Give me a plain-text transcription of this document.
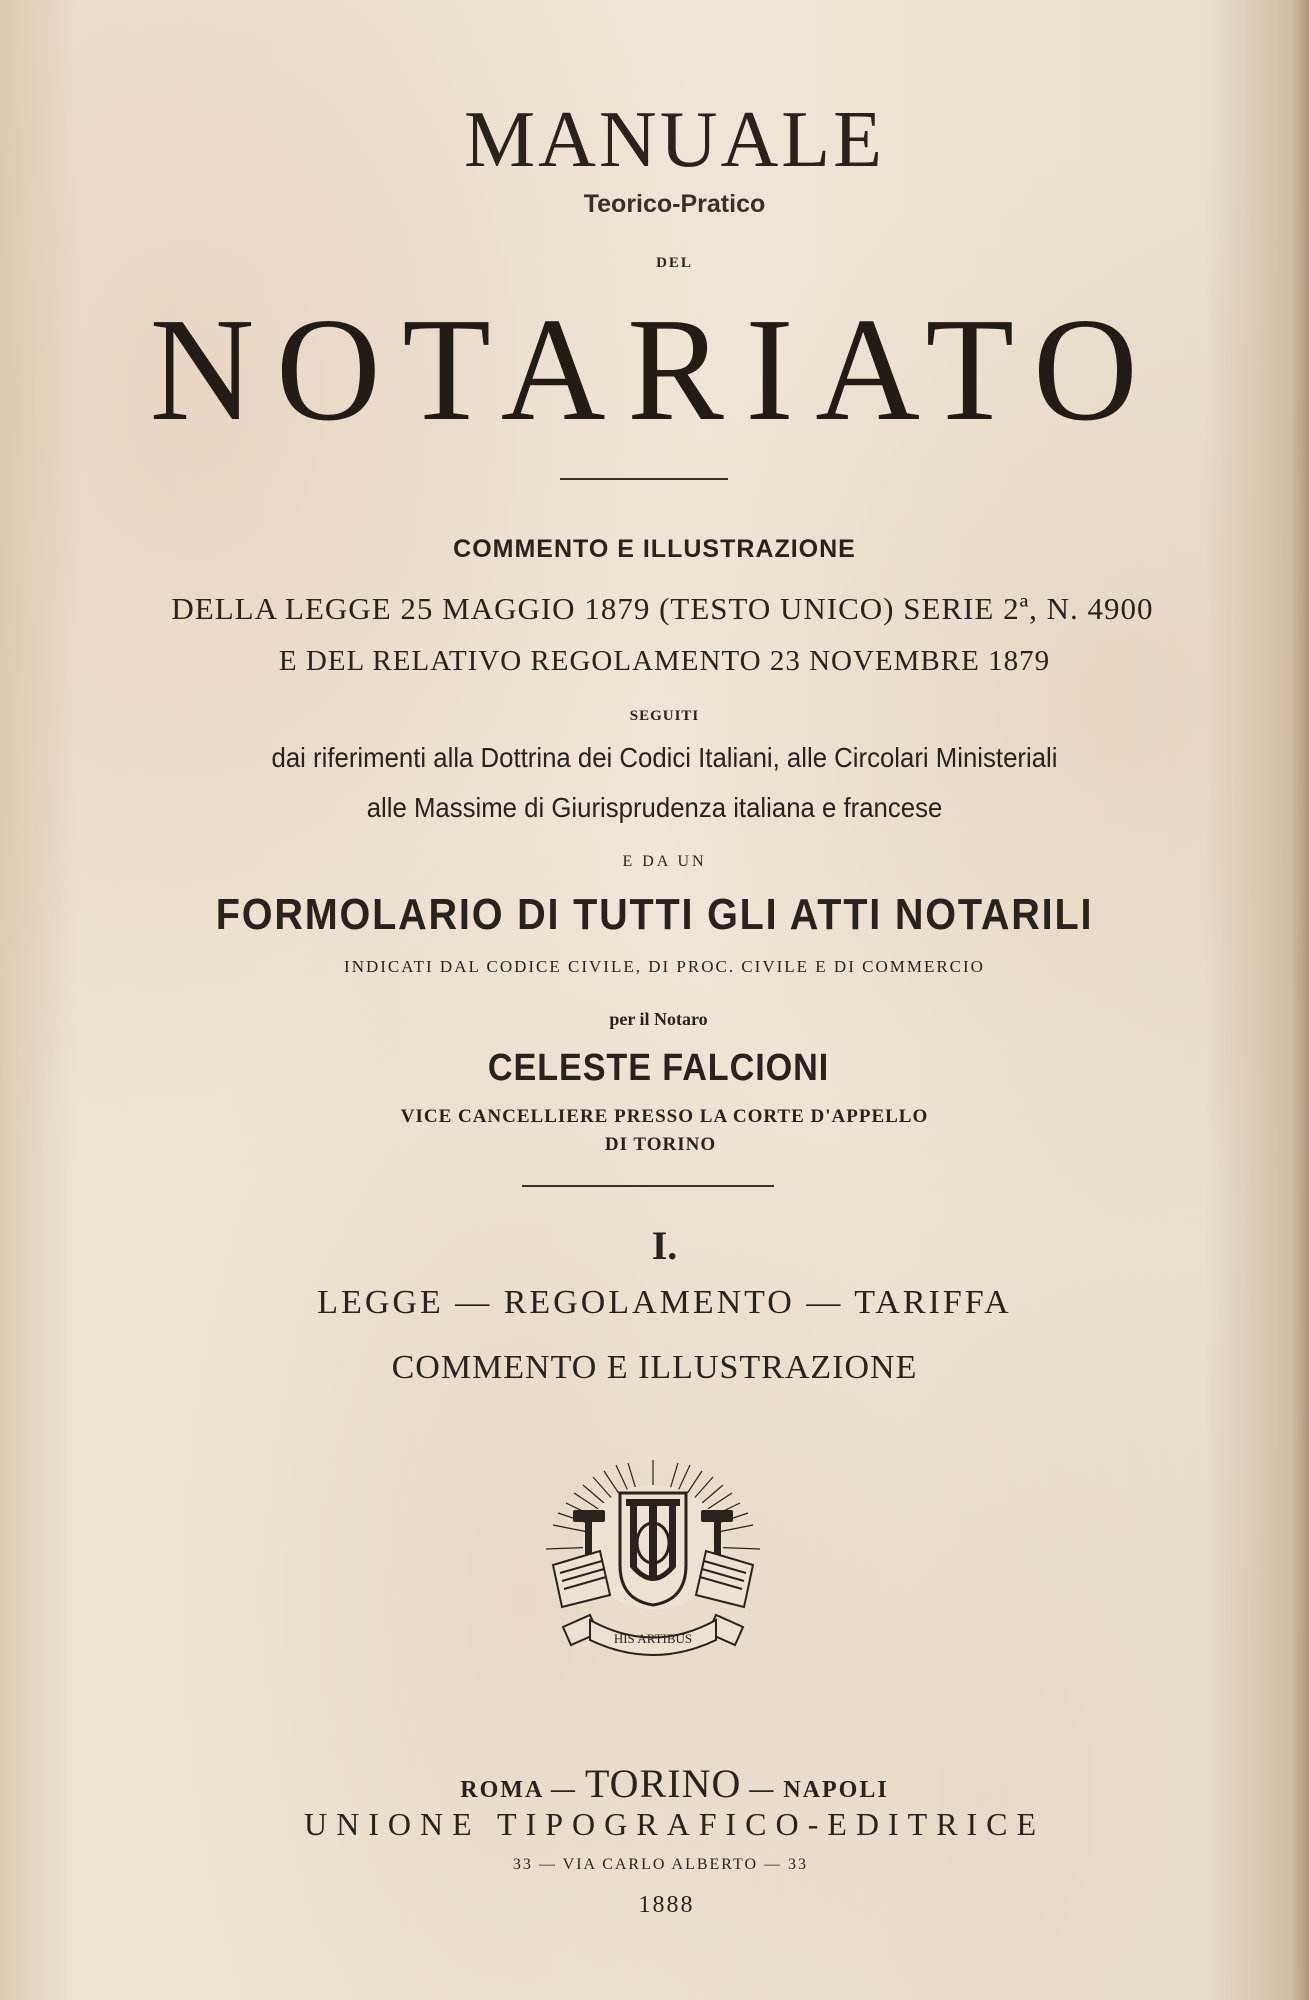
MANUALE
Teorico-Pratico
DEL
NOTARIATO
COMMENTO E ILLUSTRAZIONE
DELLA LEGGE 25 MAGGIO 1879 (TESTO UNICO) SERIE 2ª, N. 4900
E DEL RELATIVO REGOLAMENTO 23 NOVEMBRE 1879
SEGUITI
dai riferimenti alla Dottrina dei Codici Italiani, alle Circolari Ministeriali
alle Massime di Giurisprudenza italiana e francese
E DA UN
FORMOLARIO DI TUTTI GLI ATTI NOTARILI
INDICATI DAL CODICE CIVILE, DI PROC. CIVILE E DI COMMERCIO
per il Notaro
CELESTE FALCIONI
VICE CANCELLIERE PRESSO LA CORTE D'APPELLO
DI TORINO
I.
LEGGE — REGOLAMENTO — TARIFFA
COMMENTO E ILLUSTRAZIONE
HIS ARTIBUS
ROMA — TORINO — NAPOLI
UNIONE TIPOGRAFICO-EDITRICE
33 — VIA CARLO ALBERTO — 33
1888
